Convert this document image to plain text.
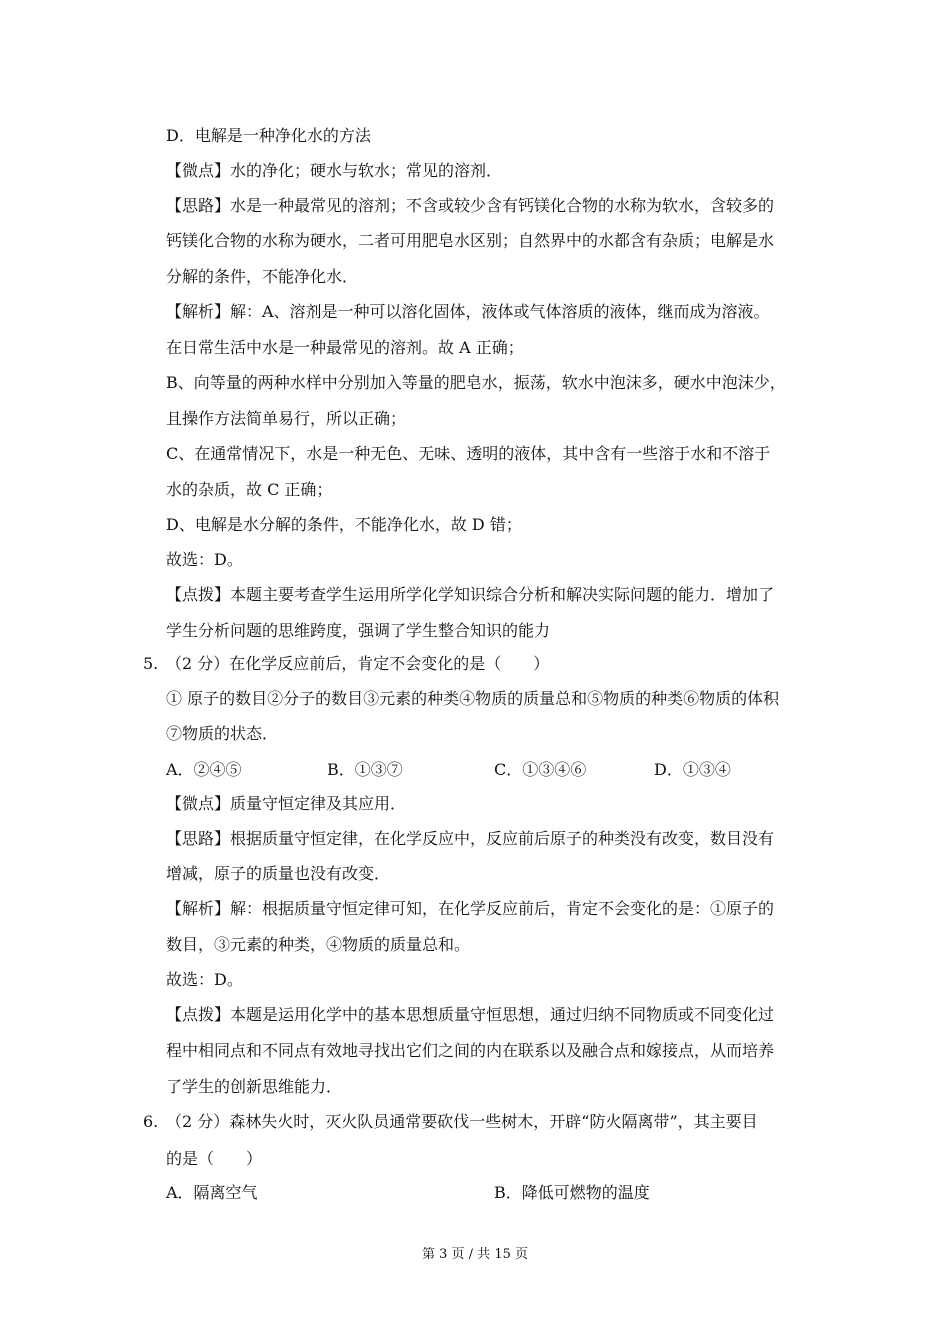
D．电解是一种净化水的方法
【微点】水的净化；硬水与软水；常见的溶剂．
【思路】水是一种最常见的溶剂；不含或较少含有钙镁化合物的水称为软水，含较多的
钙镁化合物的水称为硬水，二者可用肥皂水区别；自然界中的水都含有杂质；电解是水
分解的条件，不能净化水．
【解析】解：A、溶剂是一种可以溶化固体，液体或气体溶质的液体，继而成为溶液。
在日常生活中水是一种最常见的溶剂。故 A 正确；
B、向等量的两种水样中分别加入等量的肥皂水，振荡，软水中泡沫多，硬水中泡沫少，
且操作方法简单易行，所以正确；
C、在通常情况下，水是一种无色、无味、透明的液体，其中含有一些溶于水和不溶于
水的杂质，故 C 正确；
D、电解是水分解的条件，不能净化水，故 D 错；
故选：D。
【点拨】本题主要考查学生运用所学化学知识综合分析和解决实际问题的能力．增加了
学生分析问题的思维跨度，强调了学生整合知识的能力
5. （2 分）在化学反应前后，肯定不会变化的是（　　）
① 原子的数目②分子的数目③元素的种类④物质的质量总和⑤物质的种类⑥物质的体积
⑦物质的状态．
A．②④⑤	B．①③⑦	C．①③④⑥	D．①③④
【微点】质量守恒定律及其应用．
【思路】根据质量守恒定律，在化学反应中，反应前后原子的种类没有改变，数目没有
增减，原子的质量也没有改变．
【解析】解：根据质量守恒定律可知，在化学反应前后，肯定不会变化的是：①原子的
数目，③元素的种类，④物质的质量总和。
故选：D。
【点拨】本题是运用化学中的基本思想质量守恒思想，通过归纳不同物质或不同变化过
程中相同点和不同点有效地寻找出它们之间的内在联系以及融合点和嫁接点，从而培养
了学生的创新思维能力．
6. （2 分）森林失火时，灭火队员通常要砍伐一些树木，开辟“防火隔离带”，其主要目
的是（　　）
A．隔离空气	B．降低可燃物的温度
第 3 页 / 共 15 页
